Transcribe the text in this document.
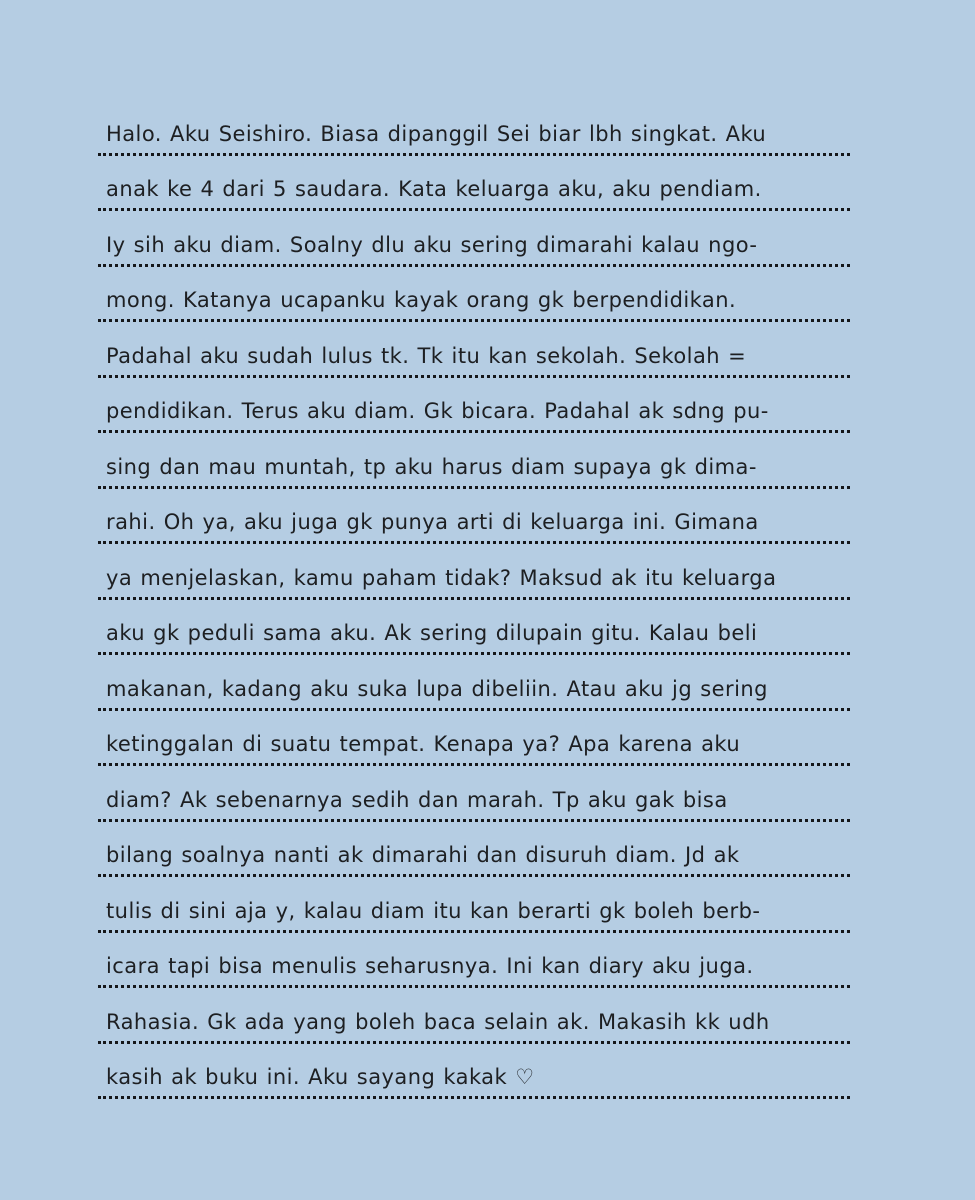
Halo. Aku Seishiro. Biasa dipanggil Sei biar lbh singkat. Aku
anak ke 4 dari 5 saudara. Kata keluarga aku, aku pendiam.
Iy sih aku diam. Soalny dlu aku sering dimarahi kalau ngo-
mong. Katanya ucapanku kayak orang gk berpendidikan.
Padahal aku sudah lulus tk. Tk itu kan sekolah. Sekolah =
pendidikan. Terus aku diam. Gk bicara. Padahal ak sdng pu-
sing dan mau muntah, tp aku harus diam supaya gk dima-
rahi. Oh ya, aku juga gk punya arti di keluarga ini. Gimana
ya menjelaskan, kamu paham tidak? Maksud ak itu keluarga
aku gk peduli sama aku. Ak sering dilupain gitu. Kalau beli
makanan, kadang aku suka lupa dibeliin. Atau aku jg sering
ketinggalan di suatu tempat. Kenapa ya? Apa karena aku
diam? Ak sebenarnya sedih dan marah. Tp aku gak bisa
bilang soalnya nanti ak dimarahi dan disuruh diam. Jd ak
tulis di sini aja y, kalau diam itu kan berarti gk boleh berb-
icara tapi bisa menulis seharusnya. Ini kan diary aku juga.
Rahasia. Gk ada yang boleh baca selain ak. Makasih kk udh
kasih ak buku ini. Aku sayang kakak ♡
